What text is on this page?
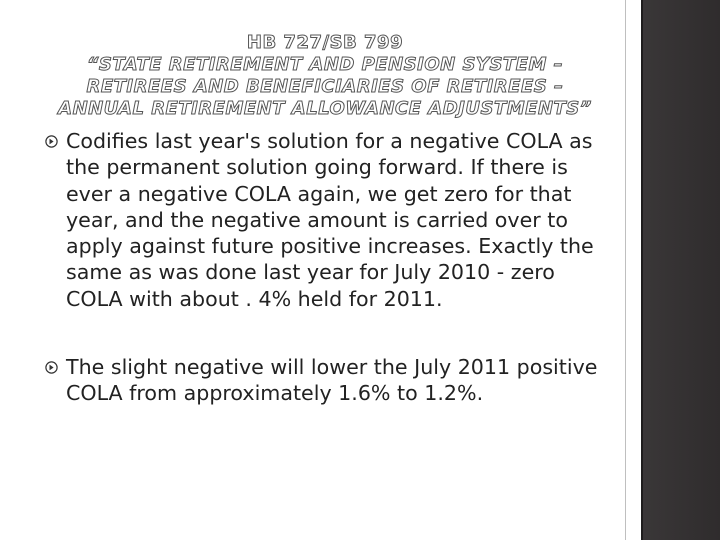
HB 727/SB 799
“STATE RETIREMENT AND PENSION SYSTEM – RETIREES AND BENEFICIARIES OF RETIREES – ANNUAL RETIREMENT ALLOWANCE ADJUSTMENTS”
Codifies last year's solution for a negative COLA as the permanent solution going forward. If there is ever a negative COLA again, we get zero for that year, and the negative amount is carried over to apply against future positive increases. Exactly the same as was done last year for July 2010 - zero COLA with about . 4% held for 2011.
The slight negative will lower the July 2011 positive COLA from approximately 1.6% to 1.2%.
